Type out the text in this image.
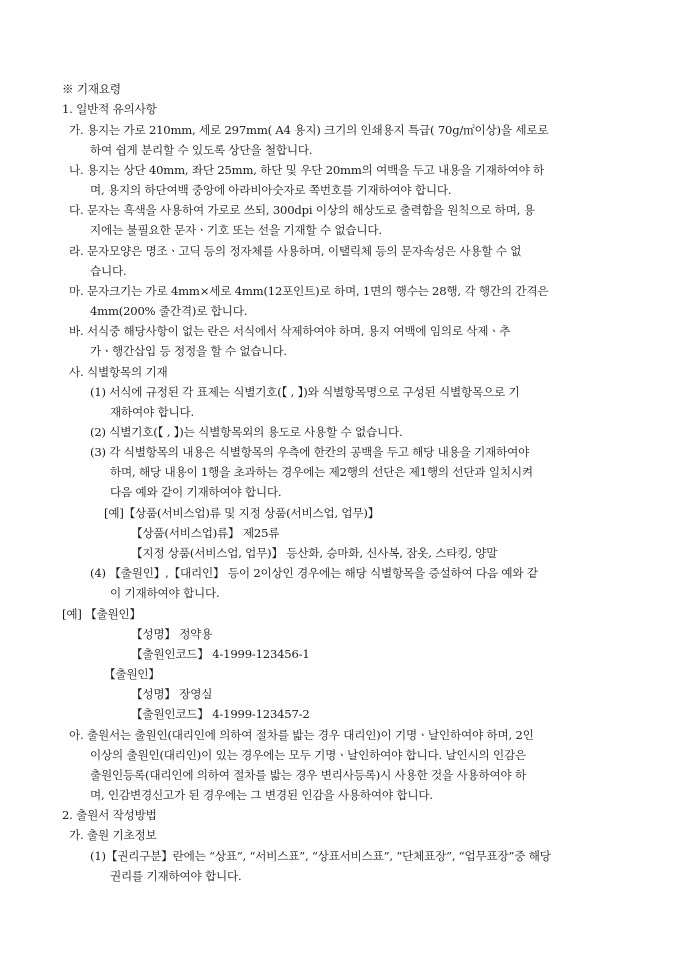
※ 기재요령
1. 일반적 유의사항
가. 용지는 가로 210mm, 세로 297mm( A4 용지) 크기의 인쇄용지 특급( 70g/㎡이상)을 세로로
하여 쉽게 분리할 수 있도록 상단을 철합니다.
나. 용지는 상단 40mm, 좌단 25mm, 하단 및 우단 20mm의 여백을 두고 내용을 기재하여야 하
며, 용지의 하단여백 중앙에 아라비아숫자로 쪽번호를 기재하여야 합니다.
다. 문자는 흑색을 사용하여 가로로 쓰되, 300dpi 이상의 해상도로 출력함을 원칙으로 하며, 용
지에는 불필요한 문자ㆍ기호 또는 선을 기재할 수 없습니다.
라. 문자모양은 명조ㆍ고딕 등의 정자체를 사용하며, 이탤릭체 등의 문자속성은 사용할 수 없
습니다.
마. 문자크기는 가로 4mm×세로 4mm(12포인트)로 하며, 1면의 행수는 28행, 각 행간의 간격은
4mm(200% 줄간격)로 합니다.
바. 서식중 해당사항이 없는 란은 서식에서 삭제하여야 하며, 용지 여백에 임의로 삭제ㆍ추
가ㆍ행간삽입 등 정정을 할 수 없습니다.
사. 식별항목의 기재
(1) 서식에 규정된 각 표제는 식별기호(【 , 】)와 식별항목명으로 구성된 식별항목으로 기
재하여야 합니다.
(2) 식별기호(【 , 】)는 식별항목외의 용도로 사용할 수 없습니다.
(3) 각 식별항목의 내용은 식별항목의 우측에 한칸의 공백을 두고 해당 내용을 기재하여야
하며, 해당 내용이 1행을 초과하는 경우에는 제2행의 선단은 제1행의 선단과 일치시켜
다음 예와 같이 기재하여야 합니다.
[예]【상품(서비스업)류 및 지정 상품(서비스업, 업무)】
【상품(서비스업)류】 제25류
【지정 상품(서비스업, 업무)】 등산화, 승마화, 신사복, 잠옷, 스타킹, 양말
(4) 【출원인】,【대리인】 등이 2이상인 경우에는 해당 식별항목을 증설하여 다음 예와 같
이 기재하여야 합니다.
[예] 【출원인】
【성명】 정약용
【출원인코드】 4-1999-123456-1
【출원인】
【성명】 장영실
【출원인코드】 4-1999-123457-2
아. 출원서는 출원인(대리인에 의하여 절차를 밟는 경우 대리인)이 기명ㆍ날인하여야 하며, 2인
이상의 출원인(대리인)이 있는 경우에는 모두 기명ㆍ날인하여야 합니다. 날인시의 인감은
출원인등록(대리인에 의하여 절차를 밟는 경우 변리사등록)시 사용한 것을 사용하여야 하
며, 인감변경신고가 된 경우에는 그 변경된 인감을 사용하여야 합니다.
2. 출원서 작성방법
가. 출원 기초정보
(1)【권리구분】란에는 “상표”, “서비스표”, “상표서비스표”, “단체표장”, “업무표장”중 해당
권리를 기재하여야 합니다.
